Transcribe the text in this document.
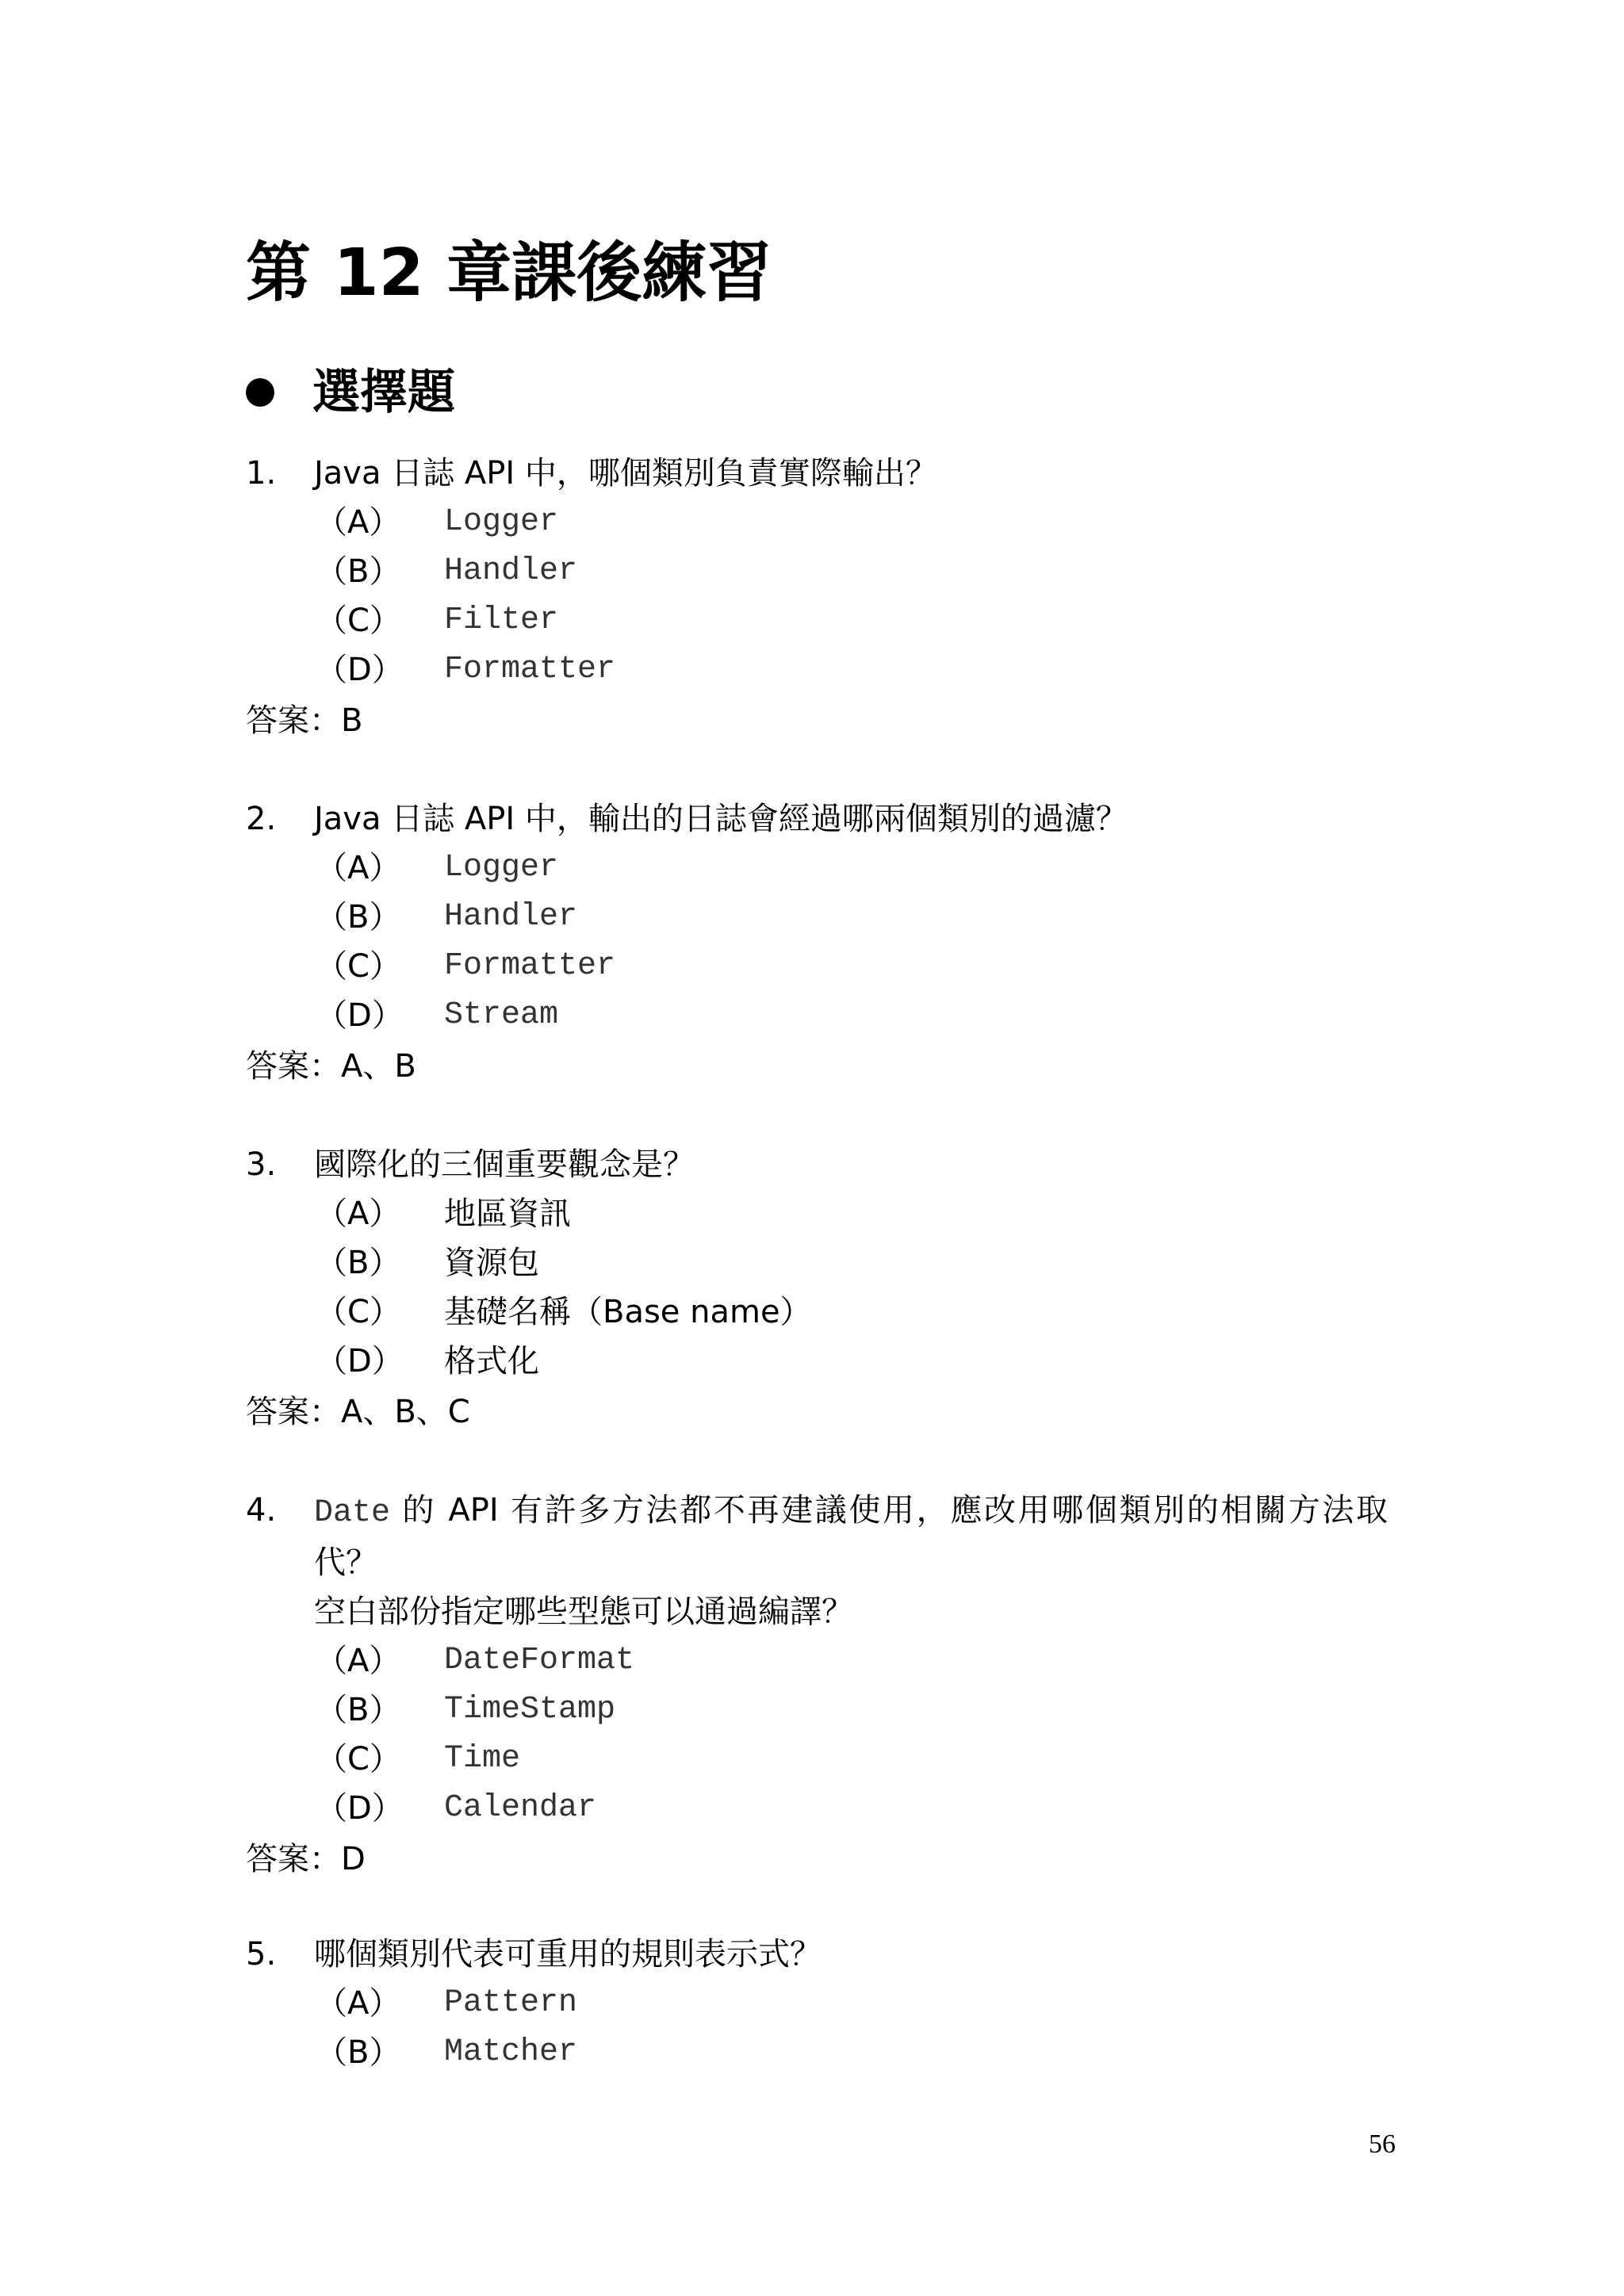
第 12 章課後練習
選擇題
1.	Java 日誌 API 中，哪個類別負責實際輸出？
（A） Logger
（B） Handler
（C） Filter
（D） Formatter
答案：B
2.	Java 日誌 API 中，輸出的日誌會經過哪兩個類別的過濾？
（A） Logger
（B） Handler
（C） Formatter
（D） Stream
答案：A、B
3.	國際化的三個重要觀念是？
（A） 地區資訊
（B） 資源包
（C） 基礎名稱（Base name）
（D） 格式化
答案：A、B、C
4.	Date 的 API 有許多方法都不再建議使用，應改用哪個類別的相關方法取代？
空白部份指定哪些型態可以通過編譯？
（A） DateFormat
（B） TimeStamp
（C） Time
（D） Calendar
答案：D
5.	哪個類別代表可重用的規則表示式？
（A） Pattern
（B） Matcher
56
